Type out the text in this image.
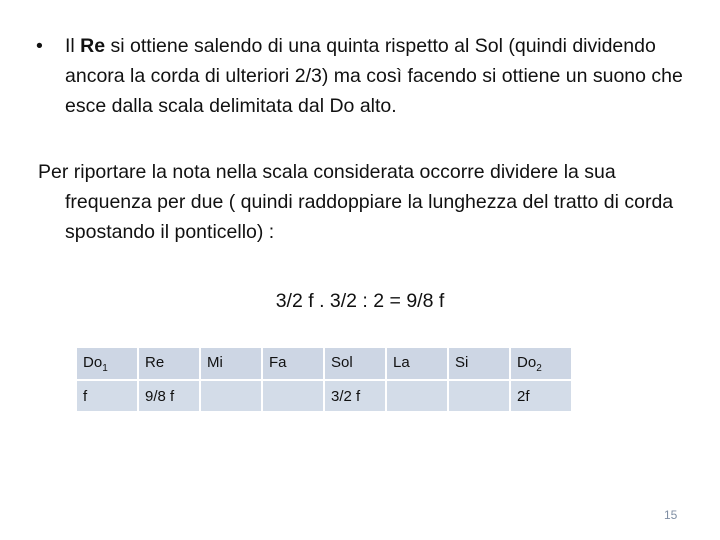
• Il Re si ottiene salendo di una quinta rispetto al Sol (quindi dividendo ancora la corda di ulteriori 2/3) ma così facendo si ottiene un suono che esce dalla scala delimitata dal Do alto.
Per riportare la nota nella scala considerata occorre dividere la sua frequenza per due ( quindi raddoppiare la lunghezza del tratto di corda spostando il ponticello) :
3/2 f . 3/2 : 2 = 9/8 f
$Do_1$	Re	Mi	Fa	Sol	La	Si	$Do_2$
f	9/8 f			3/2 f			2f
15
